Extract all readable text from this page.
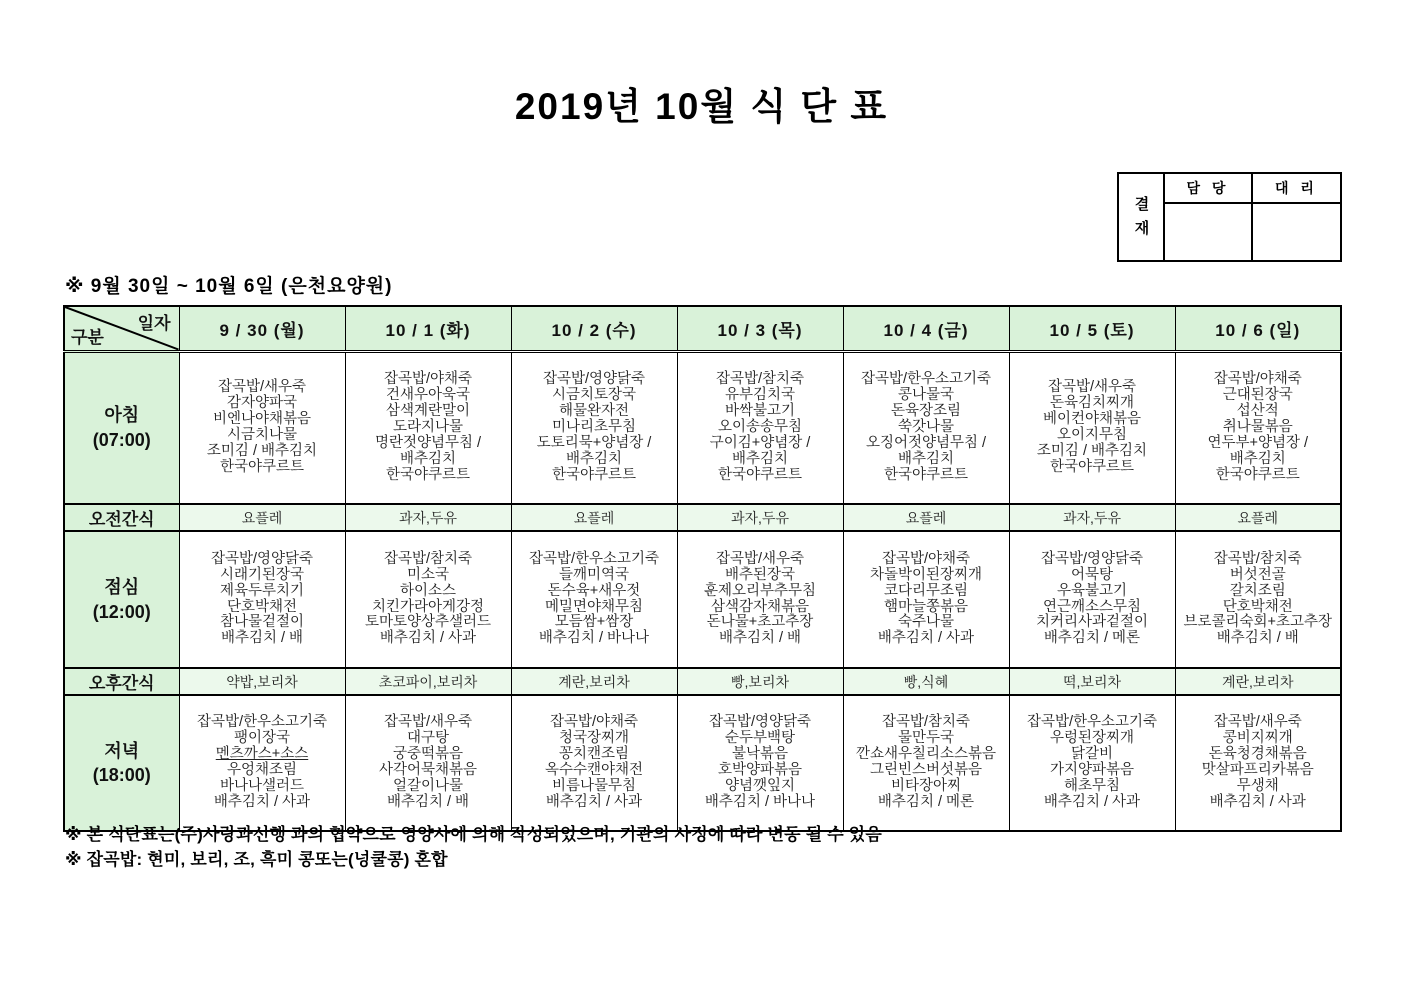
2019년 10월 식 단 표
결재
담 당	대 리
※ 9월 30일 ~ 10월 6일 (은천요양원)
일자
구분	9 / 30 (월)	10 / 1 (화)	10 / 2 (수)	10 / 3 (목)	10 / 4 (금)	10 / 5 (토)	10 / 6 (일)

아침
(07:00)

잡곡밥/새우죽
감자양파국
비엔나야채볶음
시금치나물
조미김 / 배추김치
한국야쿠르트

잡곡밥/야채죽
건새우아욱국
삼색계란말이
도라지나물
명란젓양념무침 /
배추김치
한국야쿠르트

잡곡밥/영양닭죽
시금치토장국
해물완자전
미나리초무침
도토리묵+양념장 /
배추김치
한국야쿠르트

잡곡밥/참치죽
유부김치국
바싹불고기
오이송송무침
구이김+양념장 /
배추김치
한국야쿠르트

잡곡밥/한우소고기죽
콩나물국
돈육장조림
쑥갓나물
오징어젓양념무침 /
배추김치
한국야쿠르트

잡곡밥/새우죽
돈육김치찌개
베이컨야채볶음
오이지무침
조미김 / 배추김치
한국야쿠르트

잡곡밥/야채죽
근대된장국
섭산적
취나물볶음
연두부+양념장 /
배추김치
한국야쿠르트

오전간식	요플레	과자,두유	요플레	과자,두유	요플레	과자,두유	요플레

점심
(12:00)

잡곡밥/영양닭죽
시래기된장국
제육두루치기
단호박채전
참나물겉절이
배추김치 / 배

잡곡밥/참치죽
미소국
하이소스
치킨가라아게강정
토마토양상추샐러드
배추김치 / 사과

잡곡밥/한우소고기죽
들깨미역국
돈수육+새우젓
메밀면야채무침
모듬쌈+쌈장
배추김치 / 바나나

잡곡밥/새우죽
배추된장국
훈제오리부추무침
삼색감자채볶음
돈나물+초고추장
배추김치 / 배

잡곡밥/야채죽
차돌박이된장찌개
코다리무조림
햄마늘쫑볶음
숙주나물
배추김치 / 사과

잡곡밥/영양닭죽
어묵탕
우육불고기
연근깨소스무침
치커리사과겉절이
배추김치 / 메론

잡곡밥/참치죽
버섯전골
갈치조림
단호박채전
브로콜리숙회+초고추장
배추김치 / 배

오후간식	약밥,보리차	초코파이,보리차	계란,보리차	빵,보리차	빵,식혜	떡,보리차	계란,보리차

저녁
(18:00)

잡곡밥/한우소고기죽
팽이장국
멘츠까스+소스
우엉채조림
바나나샐러드
배추김치 / 사과

잡곡밥/새우죽
대구탕
궁중떡볶음
사각어묵채볶음
얼갈이나물
배추김치 / 배

잡곡밥/야채죽
청국장찌개
꽁치캔조림
옥수수캔야채전
비름나물무침
배추김치 / 사과

잡곡밥/영양닭죽
순두부백탕
불낙볶음
호박양파볶음
양념깻잎지
배추김치 / 바나나

잡곡밥/참치죽
물만두국
깐쇼새우칠리소스볶음
그린빈스버섯볶음
비타장아찌
배추김치 / 메론

잡곡밥/한우소고기죽
우렁된장찌개
닭갈비
가지양파볶음
해초무침
배추김치 / 사과

잡곡밥/새우죽
콩비지찌개
돈육청경채볶음
맛살파프리카볶음
무생채
배추김치 / 사과
※ 본 식단표는(주)사랑과선행 과의 협약으로 영양사에 의해 작성되었으며, 기관의 사정에 따라 변동 될 수 있음
※ 잡곡밥: 현미, 보리, 조, 흑미 콩또는(넝쿨콩) 혼합
